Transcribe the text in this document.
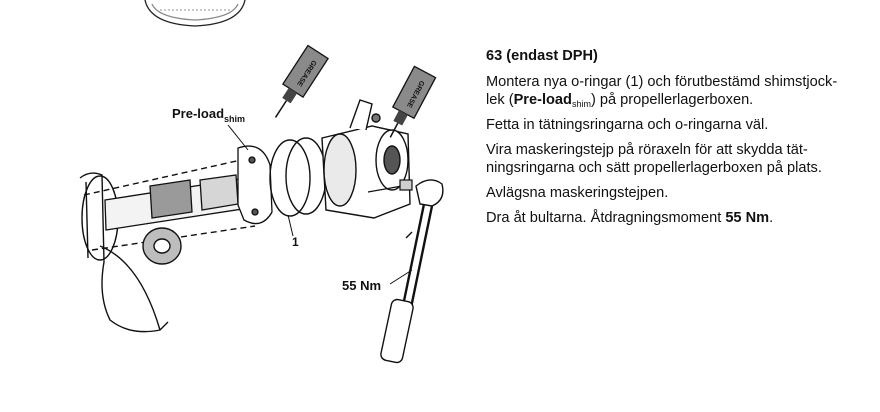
GREASE
GREASE
Pre-load$_{shim}$
1
55 Nm

63 (endast DPH)

Montera nya o-ringar (1) och förutbestämd shimstjock-
lek (Pre-load$_{shim}$) på propellerlagerboxen.

Fetta in tätningsringarna och o-ringarna väl.

Vira maskeringstejp på röraxeln för att skydda tät-
ningsringarna och sätt propellerlagerboxen på plats.

Avlägsna maskeringstejpen.

Dra åt bultarna. Åtdragningsmoment 55 Nm.
